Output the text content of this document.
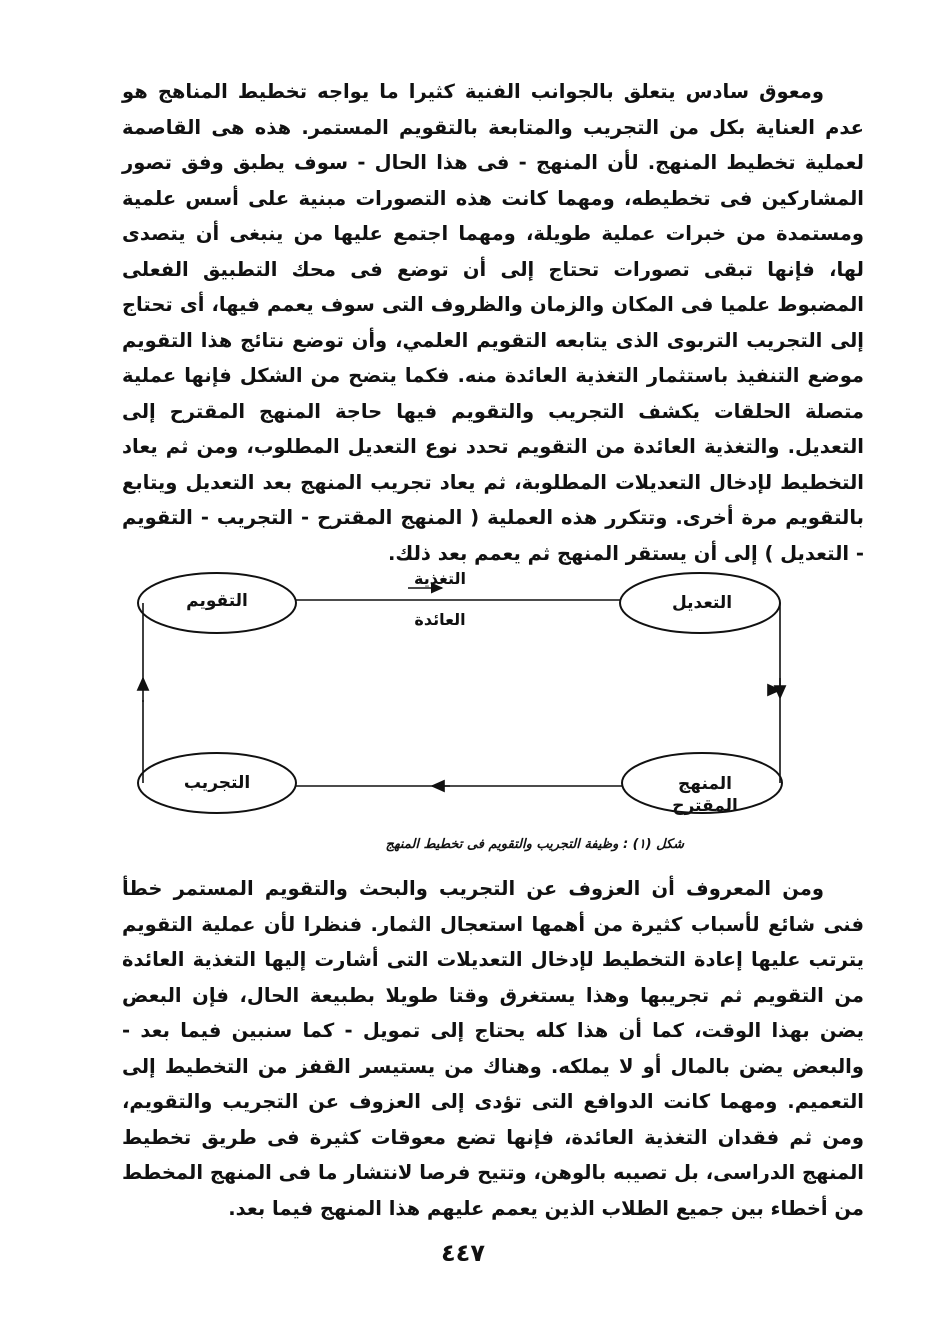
ومعوق سادس يتعلق بالجوانب الفنية كثيرا ما يواجه تخطيط المناهج هو عدم العناية بكل من التجريب والمتابعة بالتقويم المستمر. هذه هى القاصمة لعملية تخطيط المنهج. لأن المنهج - فى هذا الحال - سوف يطبق وفق تصور المشاركين فى تخطيطه، ومهما كانت هذه التصورات مبنية على أسس علمية ومستمدة من خبرات عملية طويلة، ومهما اجتمع عليها من ينبغى أن يتصدى لها، فإنها تبقى تصورات تحتاج إلى أن توضع فى محك التطبيق الفعلى المضبوط علميا فى المكان والزمان والظروف التى سوف يعمم فيها، أى تحتاج إلى التجريب التربوى الذى يتابعه التقويم العلمي، وأن توضع نتائج هذا التقويم موضع التنفيذ باستثمار التغذية العائدة منه. فكما يتضح من الشكل فإنها عملية متصلة الحلقات يكشف التجريب والتقويم فيها حاجة المنهج المقترح إلى التعديل. والتغذية العائدة من التقويم تحدد نوع التعديل المطلوب، ومن ثم يعاد التخطيط لإدخال التعديلات المطلوبة، ثم يعاد تجريب المنهج بعد التعديل ويتابع بالتقويم مرة أخرى. وتتكرر هذه العملية ( المنهج المقترح - التجريب - التقويم - التعديل ) إلى أن يستقر المنهج ثم يعمم بعد ذلك.

التقويم	التعديل
التجريب	المنهج المقترح
التغذية
العائدة
شكل (١) : وظيفة التجريب والتقويم فى تخطيط المنهج

ومن المعروف أن العزوف عن التجريب والبحث والتقويم المستمر خطأ فنى شائع لأسباب كثيرة من أهمها استعجال الثمار. فنظرا لأن عملية التقويم يترتب عليها إعادة التخطيط لإدخال التعديلات التى أشارت إليها التغذية العائدة من التقويم ثم تجريبها وهذا يستغرق وقتا طويلا بطبيعة الحال، فإن البعض يضن بهذا الوقت، كما أن هذا كله يحتاج إلى تمويل - كما سنبين فيما بعد - والبعض يضن بالمال أو لا يملكه. وهناك من يستيسر القفز من التخطيط إلى التعميم. ومهما كانت الدوافع التى تؤدى إلى العزوف عن التجريب والتقويم، ومن ثم فقدان التغذية العائدة، فإنها تضع معوقات كثيرة فى طريق تخطيط المنهج الدراسى، بل تصيبه بالوهن، وتتيح فرصا لانتشار ما فى المنهج المخطط من أخطاء بين جميع الطلاب الذين يعمم عليهم هذا المنهج فيما بعد.

٤٤٧
